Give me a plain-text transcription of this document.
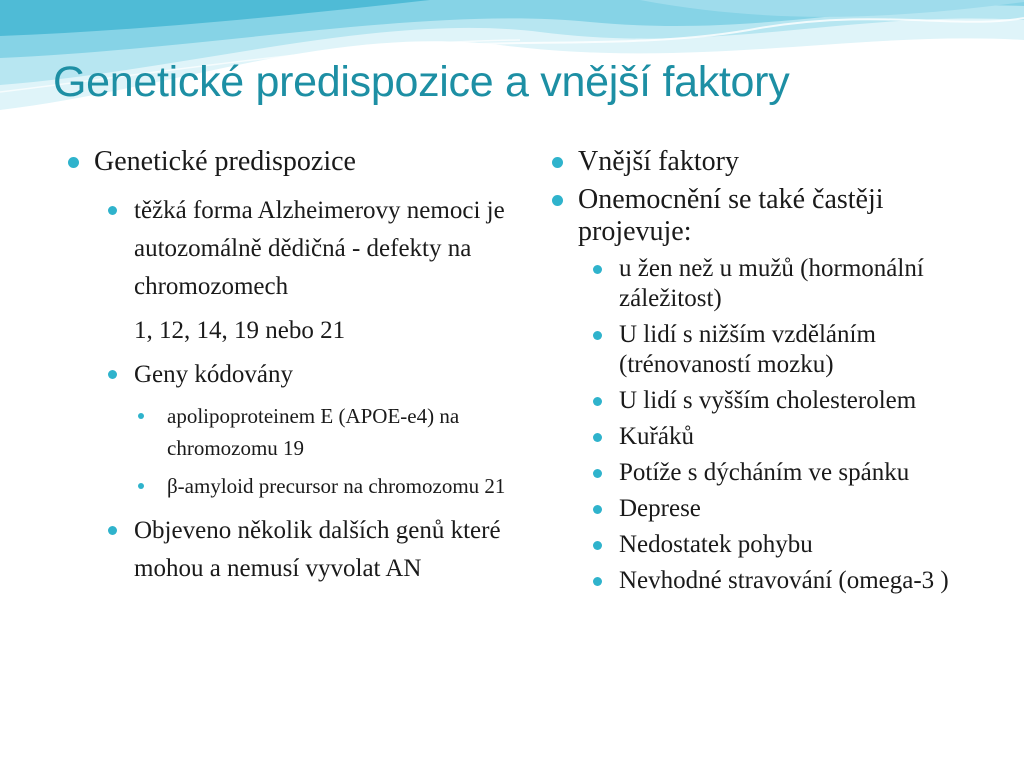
Genetické predispozice a vnější faktory
Genetické predispozice
těžká forma Alzheimerovy nemoci je autozomálně dědičná - defekty na chromozomech
1, 12, 14, 19 nebo 21
Geny kódovány
apolipoproteinem E (APOE-e4) na chromozomu 19
β-amyloid precursor na chromozomu 21
Objeveno několik dalších genů které mohou a nemusí vyvolat AN
Vnější faktory
Onemocnění se také častěji projevuje:
u žen než u mužů (hormonální záležitost)
U lidí s nižším vzděláním (trénovaností mozku)
U lidí s vyšším cholesterolem
Kuřáků
Potíže s dýcháním ve spánku
Deprese
Nedostatek pohybu
Nevhodné stravování (omega-3 )
